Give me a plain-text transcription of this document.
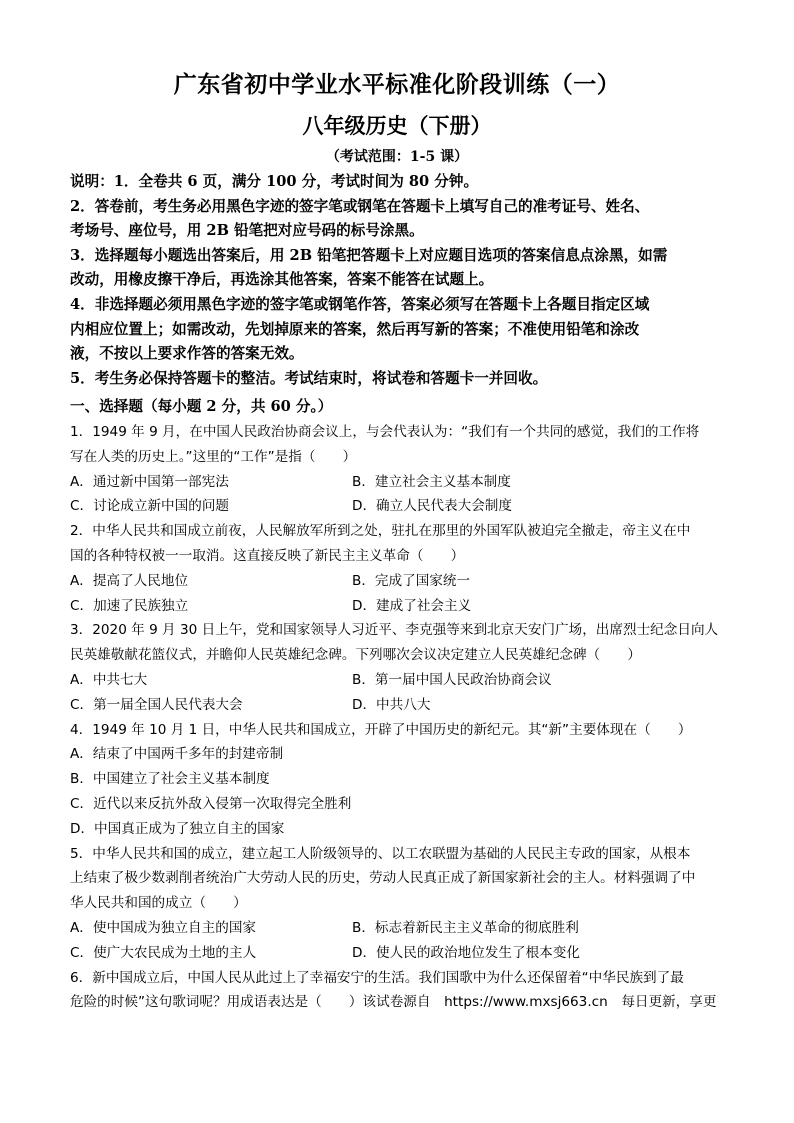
广东省初中学业水平标准化阶段训练（一）
八年级历史（下册）
（考试范围：1-5 课）
说明：1．全卷共 6 页，满分 100 分，考试时间为 80 分钟。
2．答卷前，考生务必用黑色字迹的签字笔或钢笔在答题卡上填写自己的准考证号、姓名、
考场号、座位号，用 2B 铅笔把对应号码的标号涂黑。
3．选择题每小题选出答案后，用 2B 铅笔把答题卡上对应题目选项的答案信息点涂黑，如需
改动，用橡皮擦干净后，再选涂其他答案，答案不能答在试题上。
4．非选择题必须用黑色字迹的签字笔或钢笔作答，答案必须写在答题卡上各题目指定区域
内相应位置上；如需改动，先划掉原来的答案，然后再写新的答案；不准使用铅笔和涂改
液，不按以上要求作答的答案无效。
5．考生务必保持答题卡的整洁。考试结束时，将试卷和答题卡一并回收。
一、选择题（每小题 2 分，共 60 分。）
1．1949 年 9 月，在中国人民政治协商会议上，与会代表认为：“我们有一个共同的感觉，我们的工作将
写在人类的历史上。”这里的“工作”是指（　　）
A．通过新中国第一部宪法	B．建立社会主义基本制度
C．讨论成立新中国的问题	D．确立人民代表大会制度
2．中华人民共和国成立前夜，人民解放军所到之处，驻扎在那里的外国军队被迫完全撤走，帝主义在中
国的各种特权被一一取消。这直接反映了新民主主义革命（　　）
A．提高了人民地位	B．完成了国家统一
C．加速了民族独立	D．建成了社会主义
3．2020 年 9 月 30 日上午，党和国家领导人习近平、李克强等来到北京天安门广场，出席烈士纪念日向人
民英雄敬献花篮仪式，并瞻仰人民英雄纪念碑。下列哪次会议决定建立人民英雄纪念碑（　　）
A．中共七大	B．第一届中国人民政治协商会议
C．第一届全国人民代表大会	D．中共八大
4．1949 年 10 月 1 日，中华人民共和国成立，开辟了中国历史的新纪元。其“新”主要体现在（　　）
A．结束了中国两千多年的封建帝制
B．中国建立了社会主义基本制度
C．近代以来反抗外敌入侵第一次取得完全胜利
D．中国真正成为了独立自主的国家
5．中华人民共和国的成立，建立起工人阶级领导的、以工农联盟为基础的人民民主专政的国家，从根本
上结束了极少数剥削者统治广大劳动人民的历史，劳动人民真正成了新国家新社会的主人。材料强调了中
华人民共和国的成立（　　）
A．使中国成为独立自主的国家	B．标志着新民主主义革命的彻底胜利
C．使广大农民成为土地的主人	D．使人民的政治地位发生了根本变化
6．新中国成立后，中国人民从此过上了幸福安宁的生活。我们国歌中为什么还保留着“中华民族到了最
危险的时候”这句歌词呢？用成语表达是（　　）该试卷源自　https://www.mxsj663.cn　每日更新，享更
